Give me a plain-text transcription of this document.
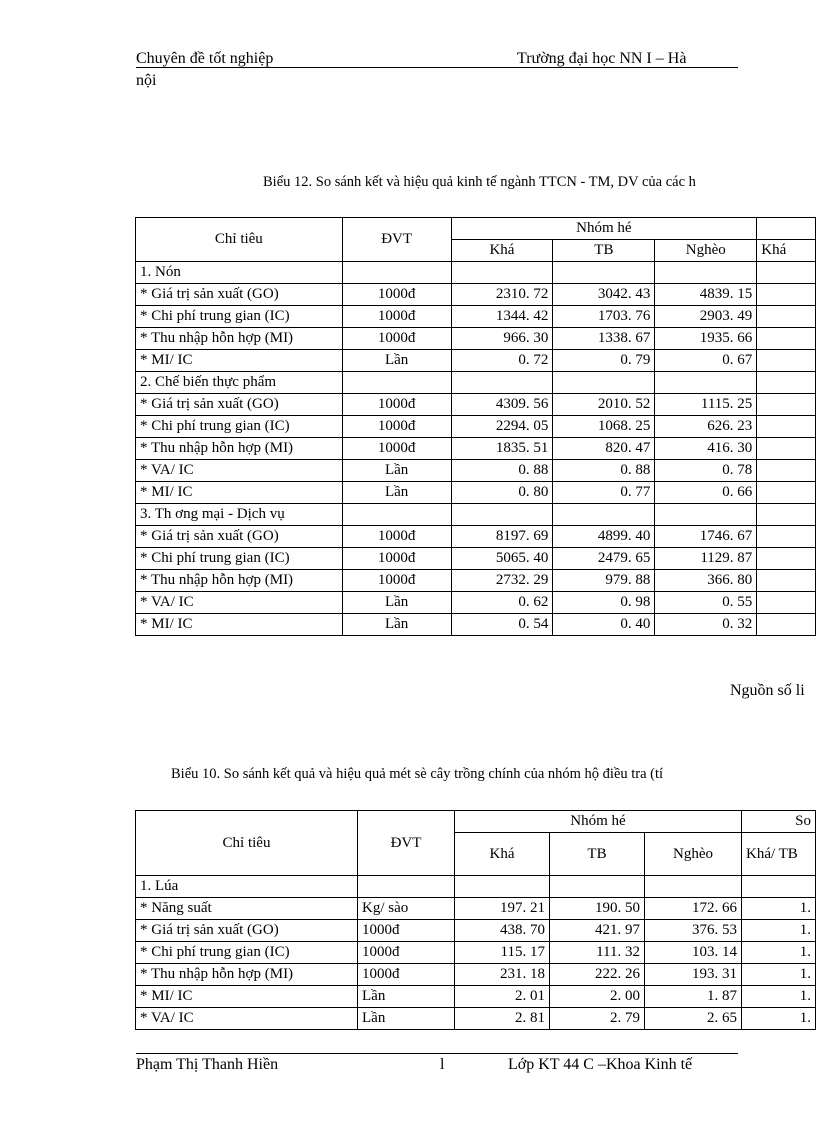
Chuyên đề tốt nghiệp	Trường đại học NN I – Hà
nội
Biểu 12. So sánh kết và hiệu quả kinh tế ngành TTCN - TM, DV của các h
Chỉ tiêu	ĐVT	Nhóm hé			
		Khá	TB	Nghèo	Khá
1. Nón					
* Giá trị sản xuất (GO)	1000đ	2310. 72	3042. 43	4839. 15	
* Chi phí trung gian (IC)	1000đ	1344. 42	1703. 76	2903. 49	
* Thu nhập hỗn hợp (MI)	1000đ	966. 30	1338. 67	1935. 66	
* MI/ IC	Lần	0. 72	0. 79	0. 67	
2. Chế biến thực phẩm					
* Giá trị sản xuất (GO)	1000đ	4309. 56	2010. 52	1115. 25	
* Chi phí trung gian (IC)	1000đ	2294. 05	1068. 25	626. 23	
* Thu nhập hỗn hợp (MI)	1000đ	1835. 51	820. 47	416. 30	
* VA/ IC	Lần	0. 88	0. 88	0. 78	
* MI/ IC	Lần	0. 80	0. 77	0. 66	
3. Th ơng mại - Dịch vụ					
* Giá trị sản xuất (GO)	1000đ	8197. 69	4899. 40	1746. 67	
* Chi phí trung gian (IC)	1000đ	5065. 40	2479. 65	1129. 87	
* Thu nhập hỗn hợp (MI)	1000đ	2732. 29	979. 88	366. 80	
* VA/ IC	Lần	0. 62	0. 98	0. 55	
* MI/ IC	Lần	0. 54	0. 40	0. 32	
Nguồn số li
Biểu 10. So sánh kết quả và hiệu quả mét sè cây trồng chính của nhóm hộ điều tra (tí
Chỉ tiêu	ĐVT	Nhóm hé			So
		Khá	TB	Nghèo	Khá/ TB
1. Lúa					
* Năng suất	Kg/ sào	197. 21	190. 50	172. 66	1.
* Giá trị sản xuất (GO)	1000đ	438. 70	421. 97	376. 53	1.
* Chi phí trung gian (IC)	1000đ	115. 17	111. 32	103. 14	1.
* Thu nhập hỗn hợp (MI)	1000đ	231. 18	222. 26	193. 31	1.
* MI/ IC	Lần	2. 01	2. 00	1. 87	1.
* VA/ IC	Lần	2. 81	2. 79	2. 65	1.
Phạm Thị Thanh Hiền	l	Lớp KT 44 C –Khoa Kinh tế
